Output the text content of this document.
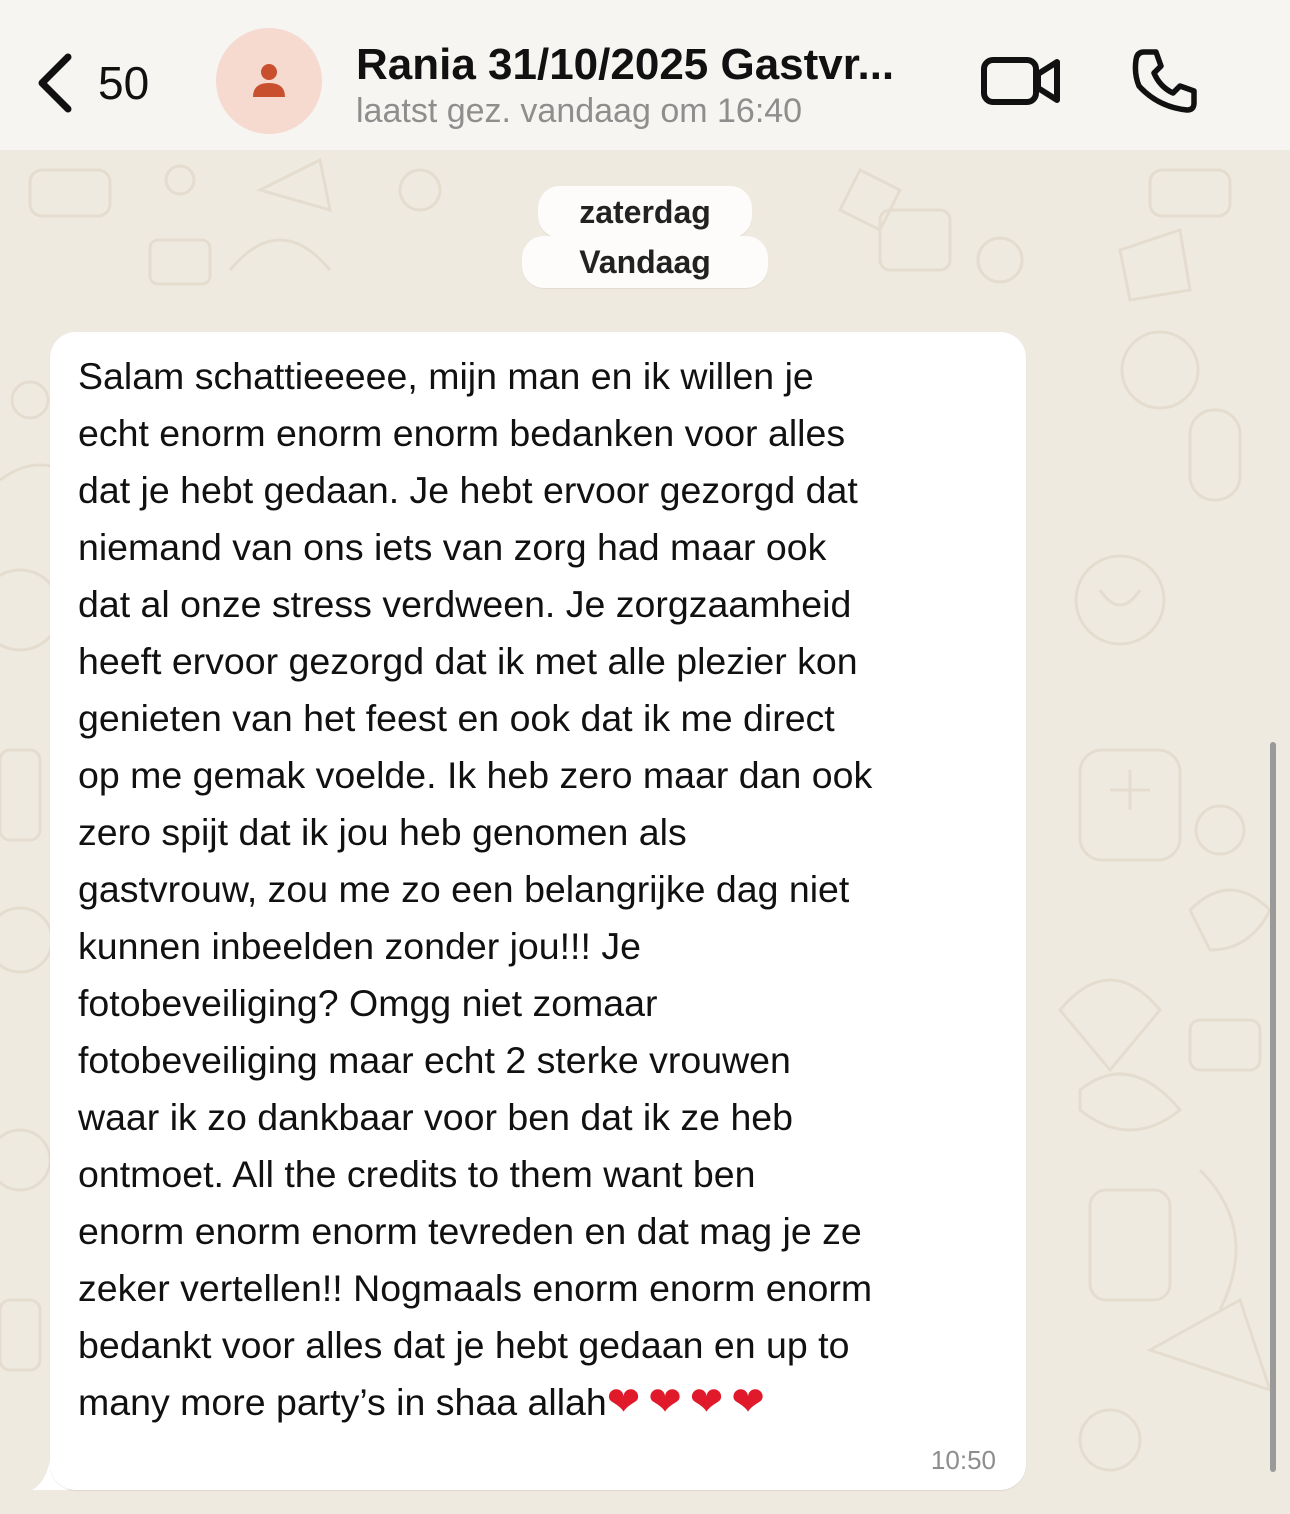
50	Rania 31/10/2025 Gastvr...
laatst gez. vandaag om 16:40
zaterdag
Vandaag
Salam schattieeeee, mijn man en ik willen je
echt enorm enorm enorm bedanken voor alles
dat je hebt gedaan. Je hebt ervoor gezorgd dat
niemand van ons iets van zorg had maar ook
dat al onze stress verdween. Je zorgzaamheid
heeft ervoor gezorgd dat ik met alle plezier kon
genieten van het feest en ook dat ik me direct
op me gemak voelde. Ik heb zero maar dan ook
zero spijt dat ik jou heb genomen als
gastvrouw, zou me zo een belangrijke dag niet
kunnen inbeelden zonder jou!!! Je
fotobeveiliging? Omgg niet zomaar
fotobeveiliging maar echt 2 sterke vrouwen
waar ik zo dankbaar voor ben dat ik ze heb
ontmoet. All the credits to them want ben
enorm enorm enorm tevreden en dat mag je ze
zeker vertellen!! Nogmaals enorm enorm enorm
bedankt voor alles dat je hebt gedaan en up to
many more party’s in shaa allah❤❤❤❤
10:50
